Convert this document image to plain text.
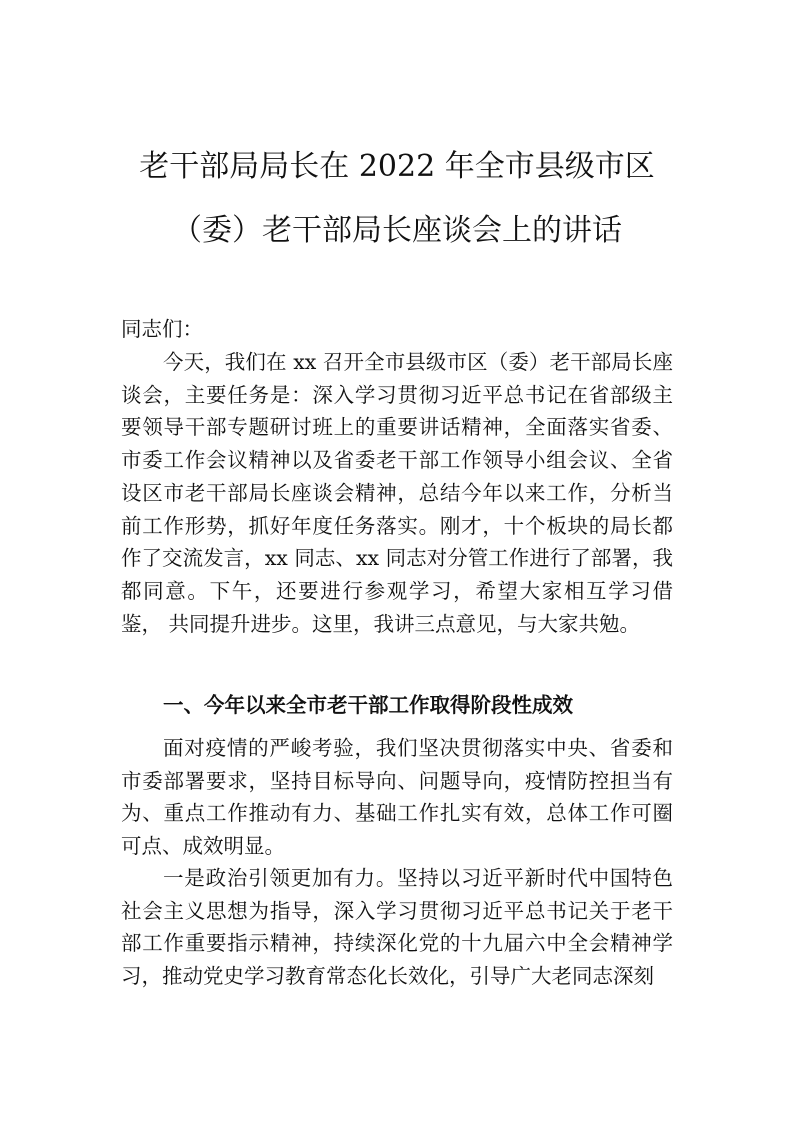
老干部局局长在 2022 年全市县级市区
（委）老干部局长座谈会上的讲话

同志们：

今天，我们在 xx 召开全市县级市区（委）老干部局长座谈会，主要任务是：深入学习贯彻习近平总书记在省部级主要领导干部专题研讨班上的重要讲话精神，全面落实省委、 市委工作会议精神以及省委老干部工作领导小组会议、全省设区市老干部局长座谈会精神，总结今年以来工作，分析当前工作形势，抓好年度任务落实。刚才，十个板块的局长都作了交流发言，xx 同志、xx 同志对分管工作进行了部署，我都同意。下午，还要进行参观学习，希望大家相互学习借鉴， 共同提升进步。这里，我讲三点意见，与大家共勉。

一、今年以来全市老干部工作取得阶段性成效

面对疫情的严峻考验，我们坚决贯彻落实中央、省委和市委部署要求，坚持目标导向、问题导向，疫情防控担当有为、重点工作推动有力、基础工作扎实有效，总体工作可圈可点、成效明显。

一是政治引领更加有力。坚持以习近平新时代中国特色社会主义思想为指导，深入学习贯彻习近平总书记关于老干部工作重要指示精神，持续深化党的十九届六中全会精神学习，推动党史学习教育常态化长效化，引导广大老同志深刻
